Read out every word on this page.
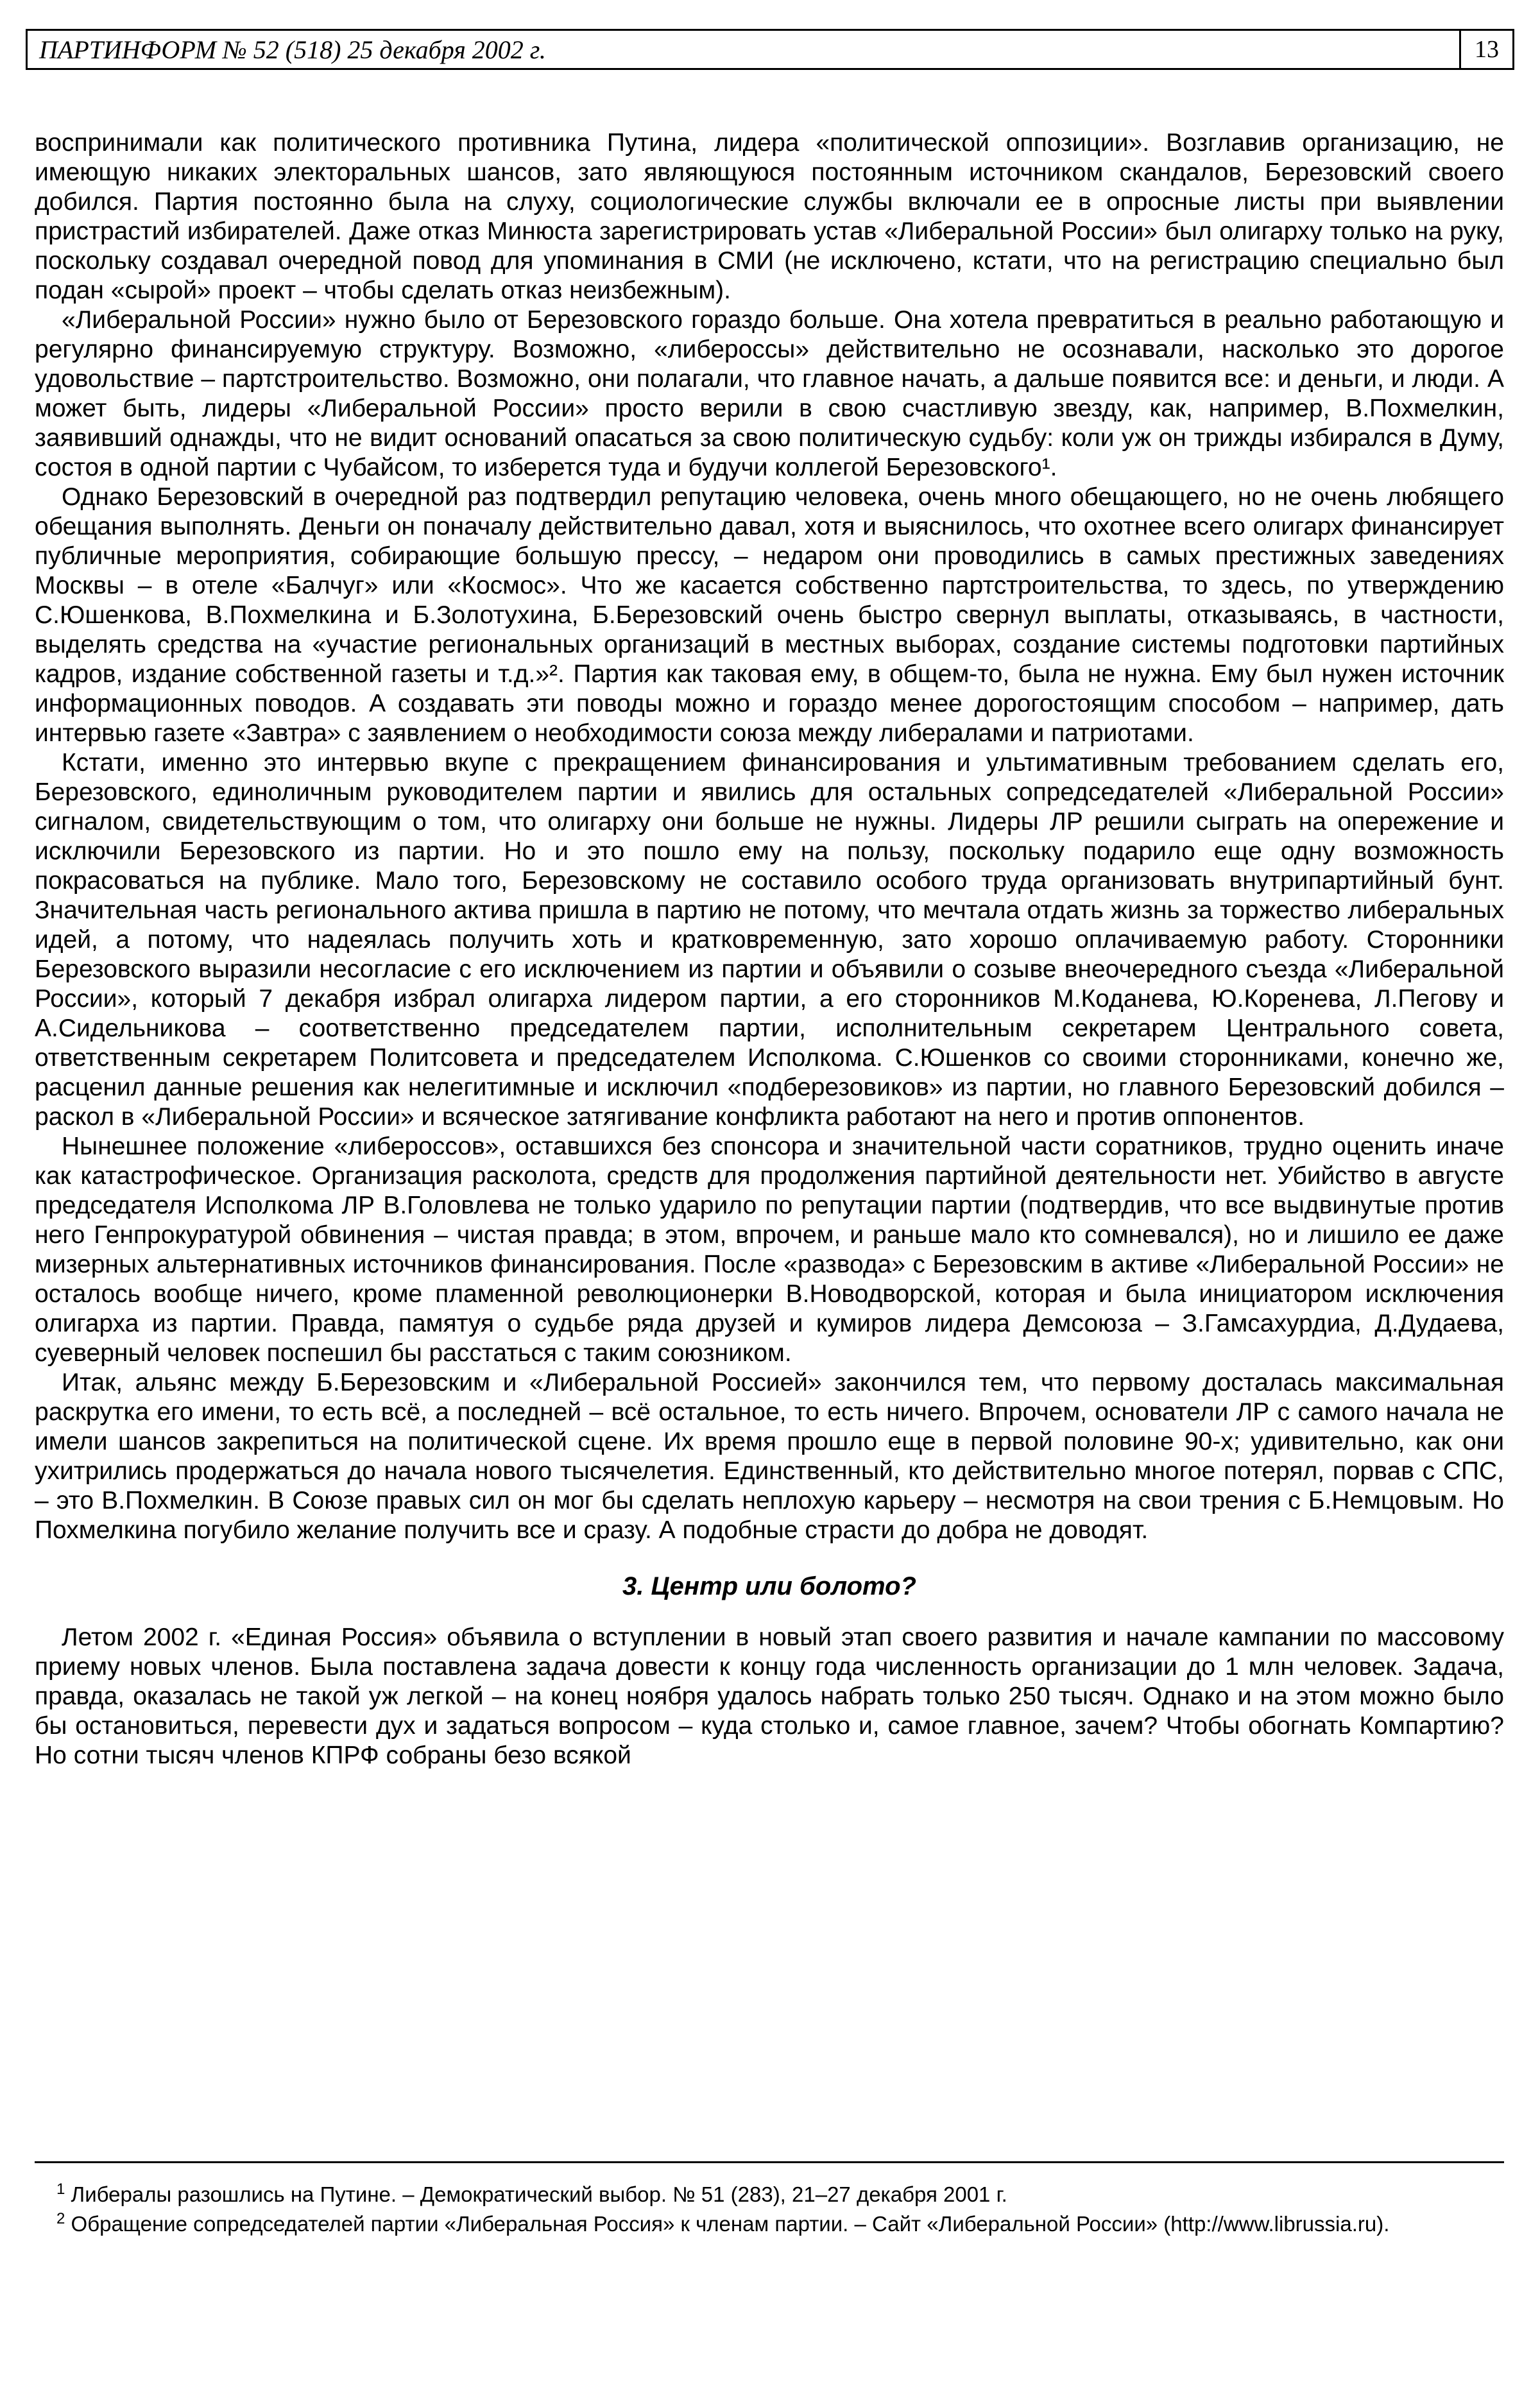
ПАРТИНФОРМ № 52 (518) 25 декабря 2002 г.	13

воспринимали как политического противника Путина, лидера «политической оппозиции». Возглавив организацию, не имеющую никаких электоральных шансов, зато являющуюся постоянным источником скандалов, Березовский своего добился. Партия постоянно была на слуху, социологические службы включали ее в опросные листы при выявлении пристрастий избирателей. Даже отказ Минюста зарегистрировать устав «Либеральной России» был олигарху только на руку, поскольку создавал очередной повод для упоминания в СМИ (не исключено, кстати, что на регистрацию специально был подан «сырой» проект – чтобы сделать отказ неизбежным).

«Либеральной России» нужно было от Березовского гораздо больше. Она хотела превратиться в реально работающую и регулярно финансируемую структуру. Возможно, «либероссы» действительно не осознавали, насколько это дорогое удовольствие – партстроительство. Возможно, они полагали, что главное начать, а дальше появится все: и деньги, и люди. А может быть, лидеры «Либеральной России» просто верили в свою счастливую звезду, как, например, В.Похмелкин, заявивший однажды, что не видит оснований опасаться за свою политическую судьбу: коли уж он трижды избирался в Думу, состоя в одной партии с Чубайсом, то изберется туда и будучи коллегой Березовского¹.

Однако Березовский в очередной раз подтвердил репутацию человека, очень много обещающего, но не очень любящего обещания выполнять. Деньги он поначалу действительно давал, хотя и выяснилось, что охотнее всего олигарх финансирует публичные мероприятия, собирающие большую прессу, – недаром они проводились в самых престижных заведениях Москвы – в отеле «Балчуг» или «Космос». Что же касается собственно партстроительства, то здесь, по утверждению С.Юшенкова, В.Похмелкина и Б.Золотухина, Б.Березовский очень быстро свернул выплаты, отказываясь, в частности, выделять средства на «участие региональных организаций в местных выборах, создание системы подготовки партийных кадров, издание собственной газеты и т.д.»². Партия как таковая ему, в общем-то, была не нужна. Ему был нужен источник информационных поводов. А создавать эти поводы можно и гораздо менее дорогостоящим способом – например, дать интервью газете «Завтра» с заявлением о необходимости союза между либералами и патриотами.

Кстати, именно это интервью вкупе с прекращением финансирования и ультимативным требованием сделать его, Березовского, единоличным руководителем партии и явились для остальных сопредседателей «Либеральной России» сигналом, свидетельствующим о том, что олигарху они больше не нужны. Лидеры ЛР решили сыграть на опережение и исключили Березовского из партии. Но и это пошло ему на пользу, поскольку подарило еще одну возможность покрасоваться на публике. Мало того, Березовскому не составило особого труда организовать внутрипартийный бунт. Значительная часть регионального актива пришла в партию не потому, что мечтала отдать жизнь за торжество либеральных идей, а потому, что надеялась получить хоть и кратковременную, зато хорошо оплачиваемую работу. Сторонники Березовского выразили несогласие с его исключением из партии и объявили о созыве внеочередного съезда «Либеральной России», который 7 декабря избрал олигарха лидером партии, а его сторонников М.Коданева, Ю.Коренева, Л.Пегову и А.Сидельникова – соответственно председателем партии, исполнительным секретарем Центрального совета, ответственным секретарем Политсовета и председателем Исполкома. С.Юшенков со своими сторонниками, конечно же, расценил данные решения как нелегитимные и исключил «подберезовиков» из партии, но главного Березовский добился – раскол в «Либеральной России» и всяческое затягивание конфликта работают на него и против оппонентов.

Нынешнее положение «либероссов», оставшихся без спонсора и значительной части соратников, трудно оценить иначе как катастрофическое. Организация расколота, средств для продолжения партийной деятельности нет. Убийство в августе председателя Исполкома ЛР В.Головлева не только ударило по репутации партии (подтвердив, что все выдвинутые против него Генпрокуратурой обвинения – чистая правда; в этом, впрочем, и раньше мало кто сомневался), но и лишило ее даже мизерных альтернативных источников финансирования. После «развода» с Березовским в активе «Либеральной России» не осталось вообще ничего, кроме пламенной революционерки В.Новодворской, которая и была инициатором исключения олигарха из партии. Правда, памятуя о судьбе ряда друзей и кумиров лидера Демсоюза – З.Гамсахурдиа, Д.Дудаева, суеверный человек поспешил бы расстаться с таким союзником.

Итак, альянс между Б.Березовским и «Либеральной Россией» закончился тем, что первому досталась максимальная раскрутка его имени, то есть всё, а последней – всё остальное, то есть ничего. Впрочем, основатели ЛР с самого начала не имели шансов закрепиться на политической сцене. Их время прошло еще в первой половине 90-х; удивительно, как они ухитрились продержаться до начала нового тысячелетия. Единственный, кто действительно многое потерял, порвав с СПС, – это В.Похмелкин. В Союзе правых сил он мог бы сделать неплохую карьеру – несмотря на свои трения с Б.Немцовым. Но Похмелкина погубило желание получить все и сразу. А подобные страсти до добра не доводят.

3. Центр или болото?

Летом 2002 г. «Единая Россия» объявила о вступлении в новый этап своего развития и начале кампании по массовому приему новых членов. Была поставлена задача довести к концу года численность организации до 1 млн человек. Задача, правда, оказалась не такой уж легкой – на конец ноября удалось набрать только 250 тысяч. Однако и на этом можно было бы остановиться, перевести дух и задаться вопросом – куда столько и, самое главное, зачем? Чтобы обогнать Компартию? Но сотни тысяч членов КПРФ собраны безо всякой

$^1$ Либералы разошлись на Путине. – Демократический выбор. № 51 (283), 21–27 декабря 2001 г.

$^2$ Обращение сопредседателей партии «Либеральная Россия» к членам партии. – Сайт «Либеральной России» (http://www.librussia.ru).
